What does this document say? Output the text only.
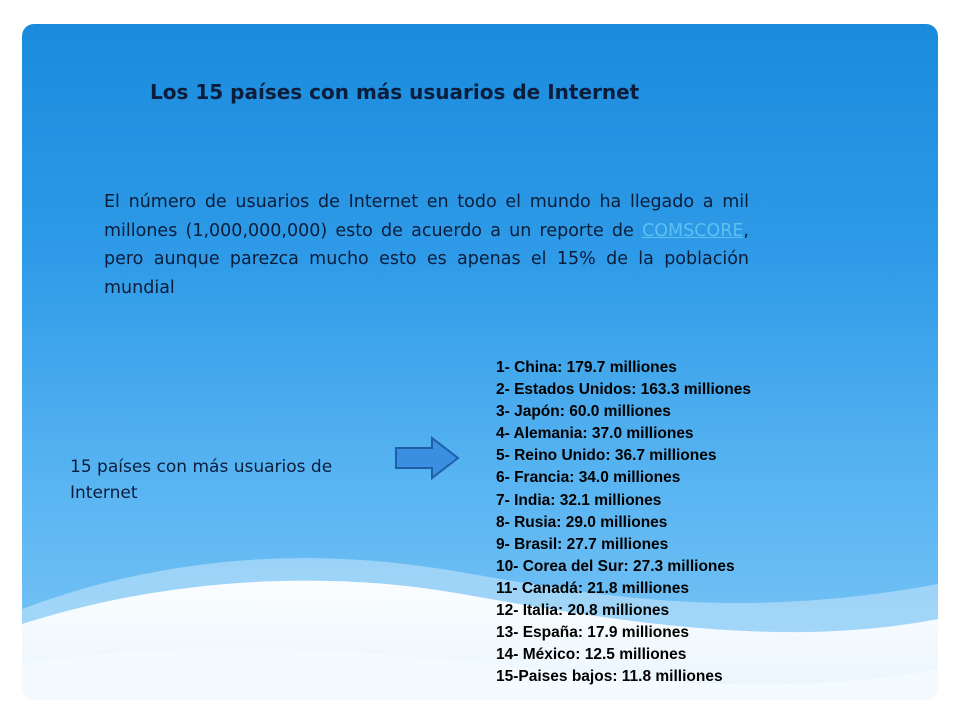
Los 15 países con más usuarios de Internet

El número de usuarios de Internet en todo el mundo ha llegado a mil millones (1,000,000,000) esto de acuerdo a un reporte de COMSCORE, pero aunque parezca mucho esto es apenas el 15% de la población mundial

15 países con más usuarios de Internet

1- China: 179.7 milliones
2- Estados Unidos: 163.3 milliones
3- Japón: 60.0 milliones
4- Alemania: 37.0 milliones
5- Reino Unido: 36.7 milliones
6- Francia: 34.0 milliones
7- India: 32.1 milliones
8- Rusia: 29.0 milliones
9- Brasil: 27.7 milliones
10- Corea del Sur: 27.3 milliones
11- Canadá: 21.8 milliones
12- Italia: 20.8 milliones
13- España: 17.9 milliones
14- México: 12.5 milliones
15-Paises bajos: 11.8 milliones
